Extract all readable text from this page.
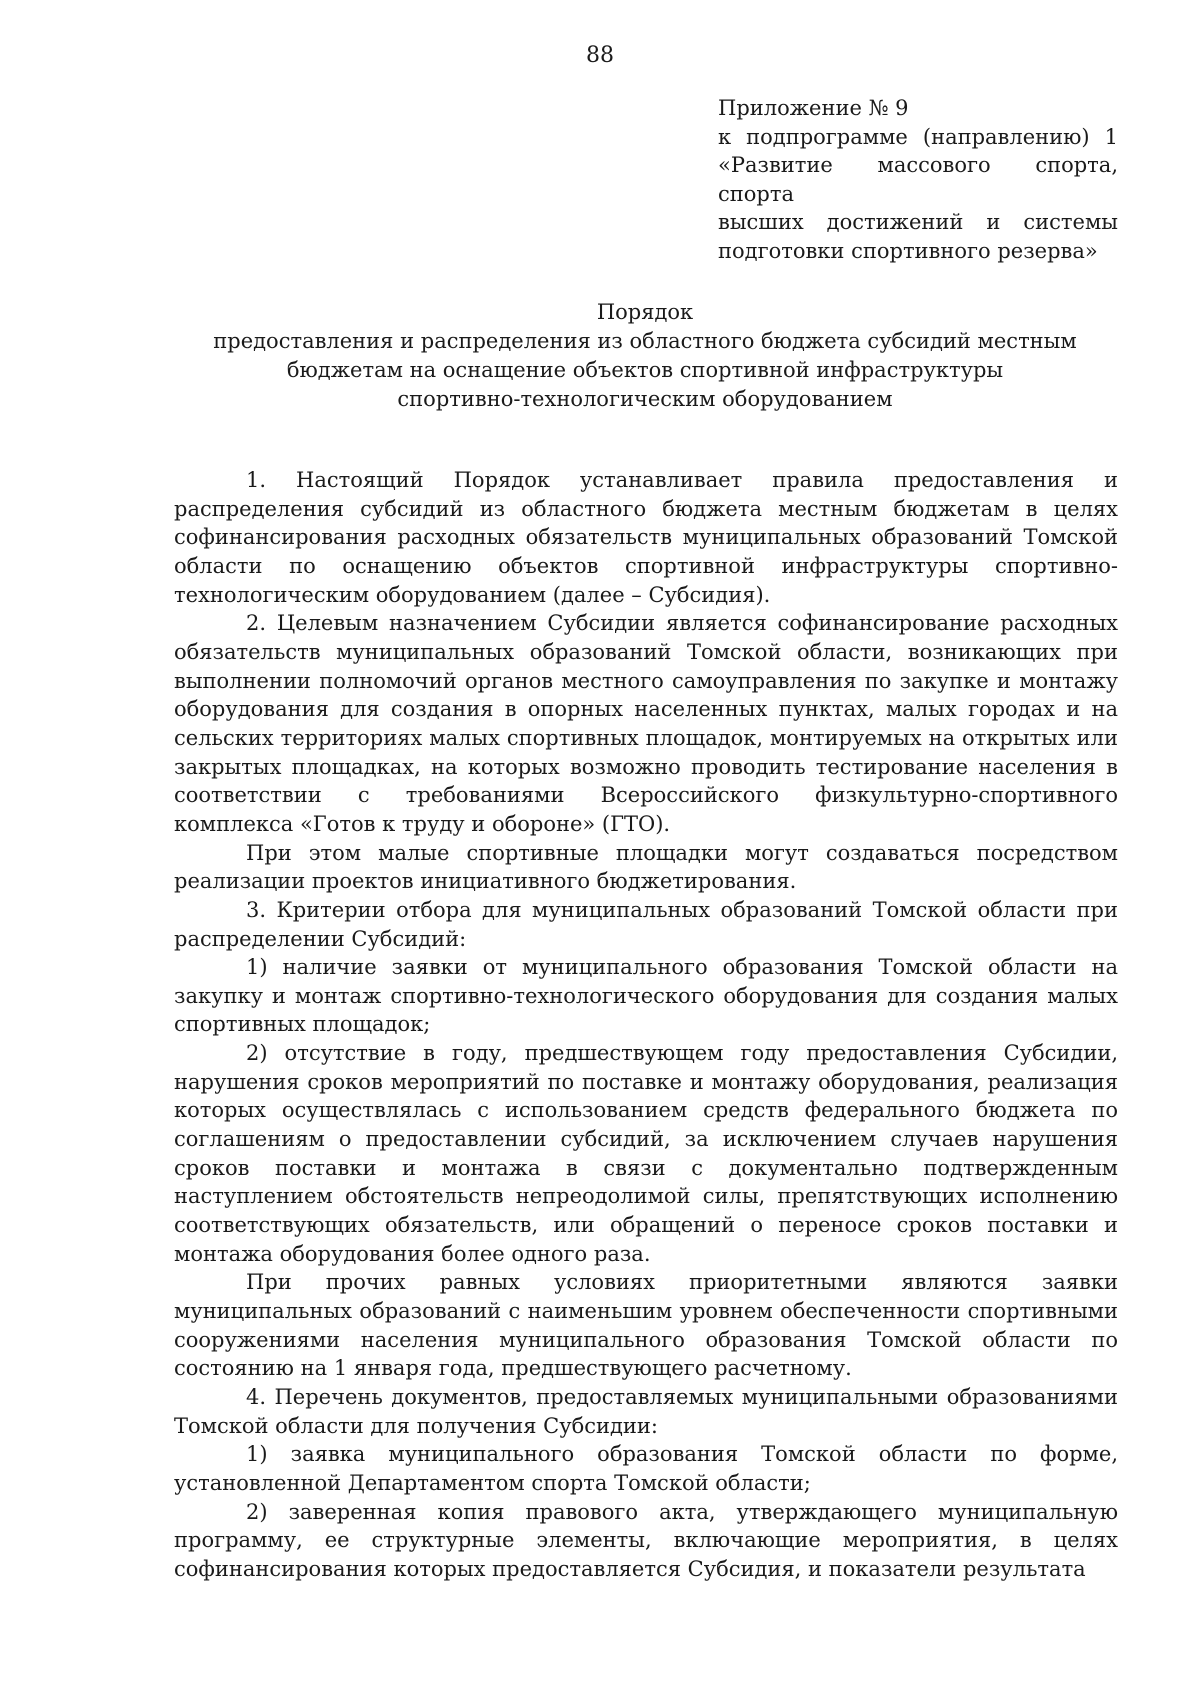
88
Приложение № 9
к подпрограмме (направлению) 1
«Развитие массового спорта, спорта
высших достижений и системы
подготовки спортивного резерва»
Порядок
предоставления и распределения из областного бюджета субсидий местным
бюджетам на оснащение объектов спортивной инфраструктуры
спортивно-технологическим оборудованием

1. Настоящий Порядок устанавливает правила предоставления и распределения субсидий из областного бюджета местным бюджетам в целях софинансирования расходных обязательств муниципальных образований Томской области по оснащению объектов спортивной инфраструктуры спортивно-технологическим оборудованием (далее – Субсидия).

2. Целевым назначением Субсидии является софинансирование расходных обязательств муниципальных образований Томской области, возникающих при выполнении полномочий органов местного самоуправления по закупке и монтажу оборудования для создания в опорных населенных пунктах, малых городах и на сельских территориях малых спортивных площадок, монтируемых на открытых или закрытых площадках, на которых возможно проводить тестирование населения в соответствии с требованиями Всероссийского физкультурно-спортивного комплекса «Готов к труду и обороне» (ГТО).

При этом малые спортивные площадки могут создаваться посредством реализации проектов инициативного бюджетирования.

3. Критерии отбора для муниципальных образований Томской области при распределении Субсидий:

1) наличие заявки от муниципального образования Томской области на закупку и монтаж спортивно-технологического оборудования для создания малых спортивных площадок;

2) отсутствие в году, предшествующем году предоставления Субсидии, нарушения сроков мероприятий по поставке и монтажу оборудования, реализация которых осуществлялась с использованием средств федерального бюджета по соглашениям о предоставлении субсидий, за исключением случаев нарушения сроков поставки и монтажа в связи с документально подтвержденным наступлением обстоятельств непреодолимой силы, препятствующих исполнению соответствующих обязательств, или обращений о переносе сроков поставки и монтажа оборудования более одного раза.

При прочих равных условиях приоритетными являются заявки муниципальных образований с наименьшим уровнем обеспеченности спортивными сооружениями населения муниципального образования Томской области по состоянию на 1 января года, предшествующего расчетному.

4. Перечень документов, предоставляемых муниципальными образованиями Томской области для получения Субсидии:

1) заявка муниципального образования Томской области по форме, установленной Департаментом спорта Томской области;

2) заверенная копия правового акта, утверждающего муниципальную программу, ее структурные элементы, включающие мероприятия, в целях софинансирования которых предоставляется Субсидия, и показатели результата
